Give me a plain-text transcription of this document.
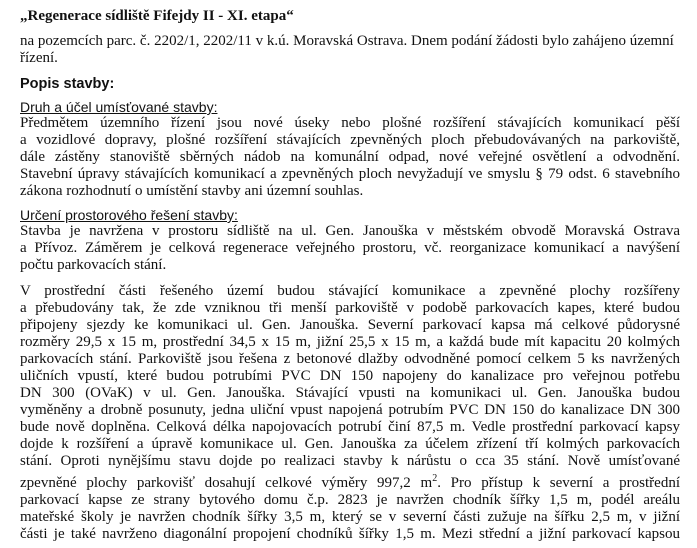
„Regenerace sídliště Fifejdy II - XI. etapa“
na pozemcích parc. č. 2202/1, 2202/11 v k.ú. Moravská Ostrava. Dnem podání žádosti bylo zahájeno územní řízení.
Popis stavby:
Druh a účel umísťované stavby:
Předmětem územního řízení jsou nové úseky nebo plošné rozšíření stávajících komunikací pěší
a vozidlové dopravy, plošné rozšíření stávajících zpevněných ploch přebudovávaných na parkoviště,
dále zástěny stanoviště sběrných nádob na komunální odpad, nové veřejné osvětlení a odvodnění.
Stavební úpravy stávajících komunikací a zpevněných ploch nevyžadují ve smyslu § 79 odst. 6 stavebního
zákona rozhodnutí o umístění stavby ani územní souhlas.
Určení prostorového řešení stavby:
Stavba je navržena v prostoru sídliště na ul. Gen. Janouška v městském obvodě Moravská Ostrava
a Přívoz. Záměrem je celková regenerace veřejného prostoru, vč. reorganizace komunikací a navýšení
počtu parkovacích stání.
V prostřední části řešeného území budou stávající komunikace a zpevněné plochy rozšířeny
a přebudovány tak, že zde vzniknou tři menší parkoviště v podobě parkovacích kapes, které budou
připojeny sjezdy ke komunikaci ul. Gen. Janouška. Severní parkovací kapsa má celkové půdorysné
rozměry 29,5 x 15 m, prostřední 34,5 x 15 m, jižní 25,5 x 15 m, a každá bude mít kapacitu 20 kolmých
parkovacích stání. Parkoviště jsou řešena z betonové dlažby odvodněné pomocí celkem 5 ks navržených
uličních vpustí, které budou potrubími PVC DN 150 napojeny do kanalizace pro veřejnou potřebu
DN 300 (OVaK) v ul. Gen. Janouška. Stávající vpusti na komunikaci ul. Gen. Janouška budou
vyměněny a drobně posunuty, jedna uliční vpust napojená potrubím PVC DN 150 do kanalizace DN 300
bude nově doplněna. Celková délka napojovacích potrubí činí 87,5 m. Vedle prostřední parkovací kapsy
dojde k rozšíření a úpravě komunikace ul. Gen. Janouška za účelem zřízení tří kolmých parkovacích
stání. Oproti nynějšímu stavu dojde po realizaci stavby k nárůstu o cca 35 stání. Nově umísťované
zpevněné plochy parkovišť dosahují celkové výměry 997,2 $m^2$. Pro přístup k severní a prostřední
parkovací kapse ze strany bytového domu č.p. 2823 je navržen chodník šířky 1,5 m, podél areálu
mateřské školy je navržen chodník šířky 3,5 m, který se v severní části zužuje na šířku 2,5 m, v jižní
části je také navrženo diagonální propojení chodníků šířky 1,5 m. Mezi střední a jižní parkovací kapsou
